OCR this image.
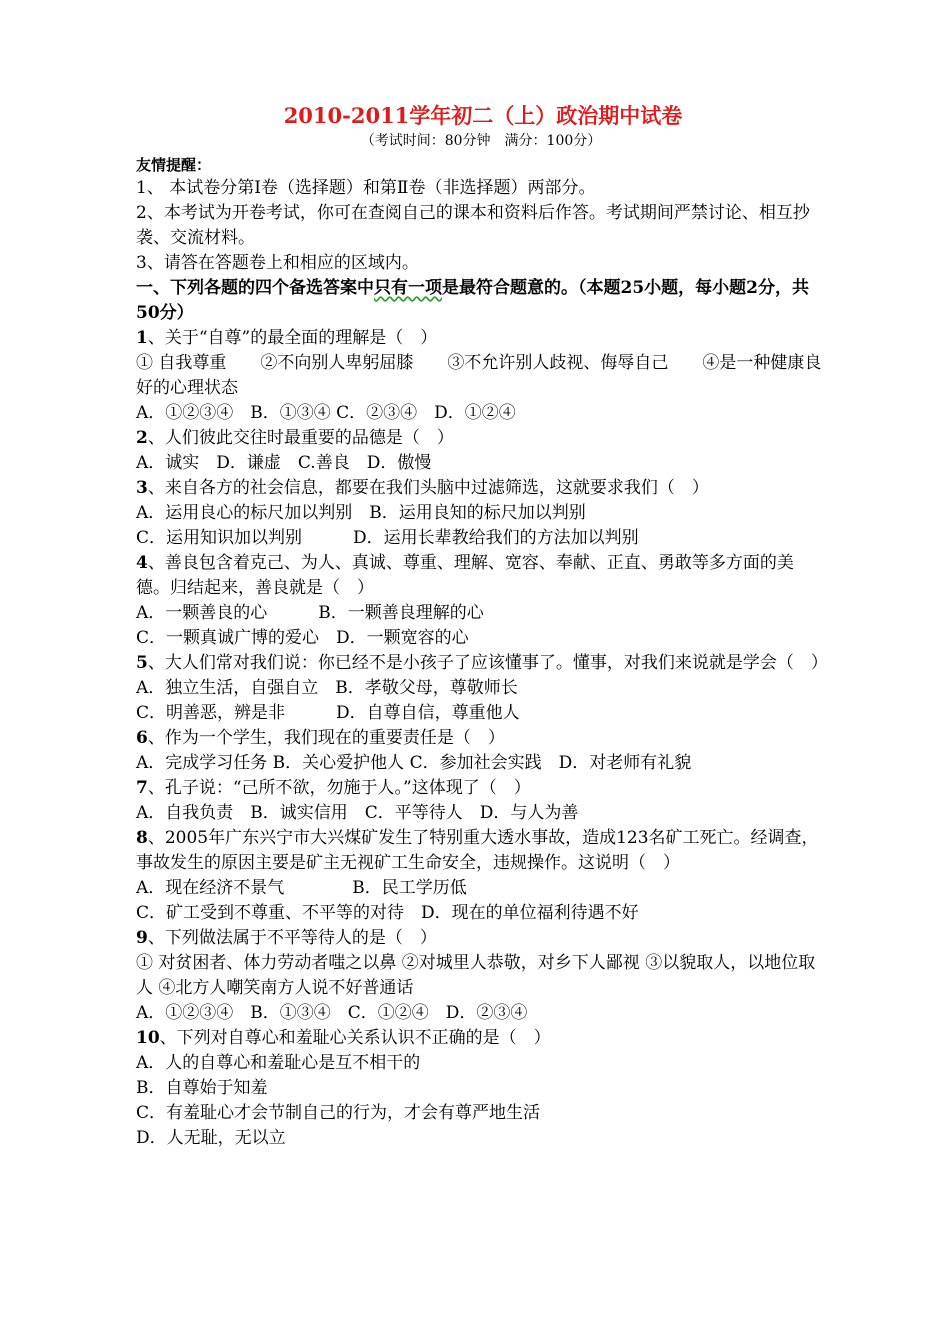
2010-2011学年初二（上）政治期中试卷

（考试时间：80分钟　满分：100分）

友情提醒：

1、 本试卷分第Ⅰ卷（选择题）和第Ⅱ卷（非选择题）两部分。

2、本考试为开卷考试，你可在查阅自己的课本和资料后作答。考试期间严禁讨论、相互抄袭、交流材料。

3、请答在答题卷上和相应的区域内。

一、下列各题的四个备选答案中只有一项是最符合题意的。（本题25小题，每小题2分，共50分）

1、关于“自尊”的最全面的理解是（　）

① 自我尊重　　②不向别人卑躬屈膝　　③不允许别人歧视、侮辱自己　　④是一种健康良好的心理状态

A．①②③④　B．①③④ C．②③④　D．①②④

2、人们彼此交往时最重要的品德是（　）

A．诚实　D．谦虚　C.善良　D．傲慢

3、来自各方的社会信息，都要在我们头脑中过滤筛选，这就要求我们（　）

A．运用良心的标尺加以判别　B．运用良知的标尺加以判别

C．运用知识加以判别　　　D．运用长辈教给我们的方法加以判别

4、善良包含着克己、为人、真诚、尊重、理解、宽容、奉献、正直、勇敢等多方面的美德。归结起来，善良就是（　）

A．一颗善良的心　　　B．一颗善良理解的心

C．一颗真诚广博的爱心　D．一颗宽容的心

5、大人们常对我们说：你已经不是小孩子了应该懂事了。懂事，对我们来说就是学会（　）

A．独立生活，自强自立　B．孝敬父母，尊敬师长

C．明善恶，辨是非　　　D．自尊自信，尊重他人

6、作为一个学生，我们现在的重要责任是（　）

A．完成学习任务 B．关心爱护他人 C．参加社会实践　D．对老师有礼貌

7、孔子说：“己所不欲，勿施于人。”这体现了（　）

A．自我负责　B．诚实信用　C．平等待人　D．与人为善

8、2005年广东兴宁市大兴煤矿发生了特别重大透水事故，造成123名矿工死亡。经调查，事故发生的原因主要是矿主无视矿工生命安全，违规操作。这说明（　）

A．现在经济不景气　　　　B．民工学历低

C．矿工受到不尊重、不平等的对待　D．现在的单位福利待遇不好

9、下列做法属于不平等待人的是（　）

① 对贫困者、体力劳动者嗤之以鼻 ②对城里人恭敬，对乡下人鄙视 ③以貌取人，以地位取人 ④北方人嘲笑南方人说不好普通话

A．①②③④　B．①③④　C．①②④　D．②③④

10、下列对自尊心和羞耻心关系认识不正确的是（　）

A．人的自尊心和羞耻心是互不相干的

B．自尊始于知羞

C．有羞耻心才会节制自己的行为，才会有尊严地生活

D．人无耻，无以立
